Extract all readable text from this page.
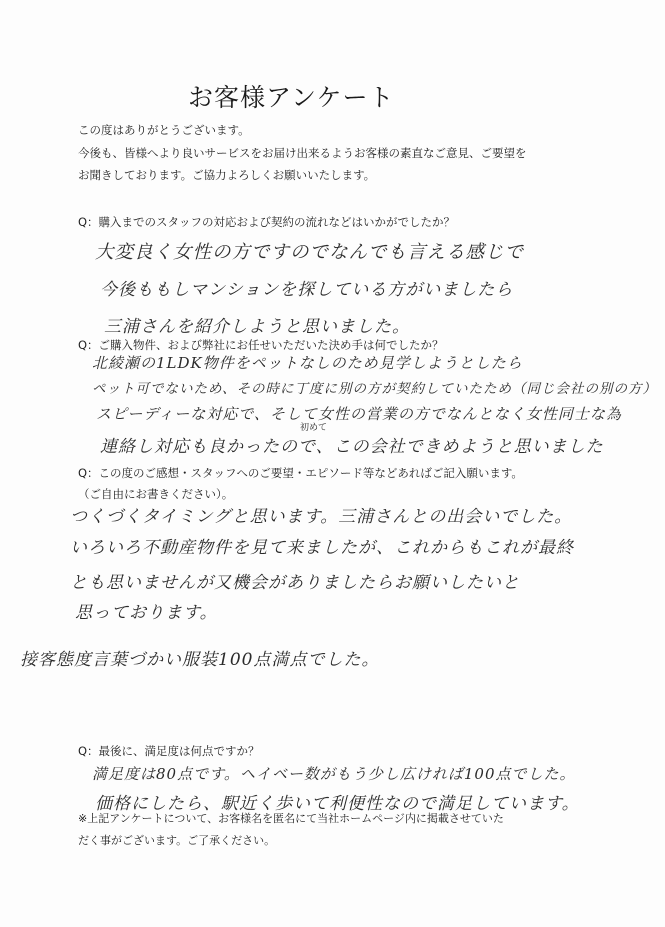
お客様アンケート
この度はありがとうございます。
今後も、皆様へより良いサービスをお届け出来るようお客様の素直なご意見、ご要望を
お聞きしております。ご協力よろしくお願いいたします。
Q：購入までのスタッフの対応および契約の流れなどはいかがでしたか？
大変良く女性の方ですのでなんでも言える感じで
今後ももしマンションを探している方がいましたら
三浦さんを紹介しようと思いました。
Q：ご購入物件、および弊社にお任せいただいた決め手は何でしたか？
北綾瀬の1LDK物件をペットなしのため見学しようとしたら
ペット可でないため、その時に丁度に別の方が契約していたため（同じ会社の別の方）
スピーディーな対応で、そして女性の営業の方でなんとなく女性同士な為
初めて
連絡し対応も良かったので、この会社できめようと思いました
Q：この度のご感想・スタッフへのご要望・エピソード等などあればご記入願います。
（ご自由にお書きください）。
つくづくタイミングと思います。三浦さんとの出会いでした。
いろいろ不動産物件を見て来ましたが、これからもこれが最終
とも思いませんが又機会がありましたらお願いしたいと
思っております。
接客態度言葉づかい服装100点満点でした。
Q：最後に、満足度は何点ですか？
満足度は80点です。ヘイベー数がもう少し広ければ100点でした。
価格にしたら、駅近く歩いて利便性なので満足しています。
※上記アンケートについて、お客様名を匿名にて当社ホームページ内に掲載させていた
だく事がございます。ご了承ください。
